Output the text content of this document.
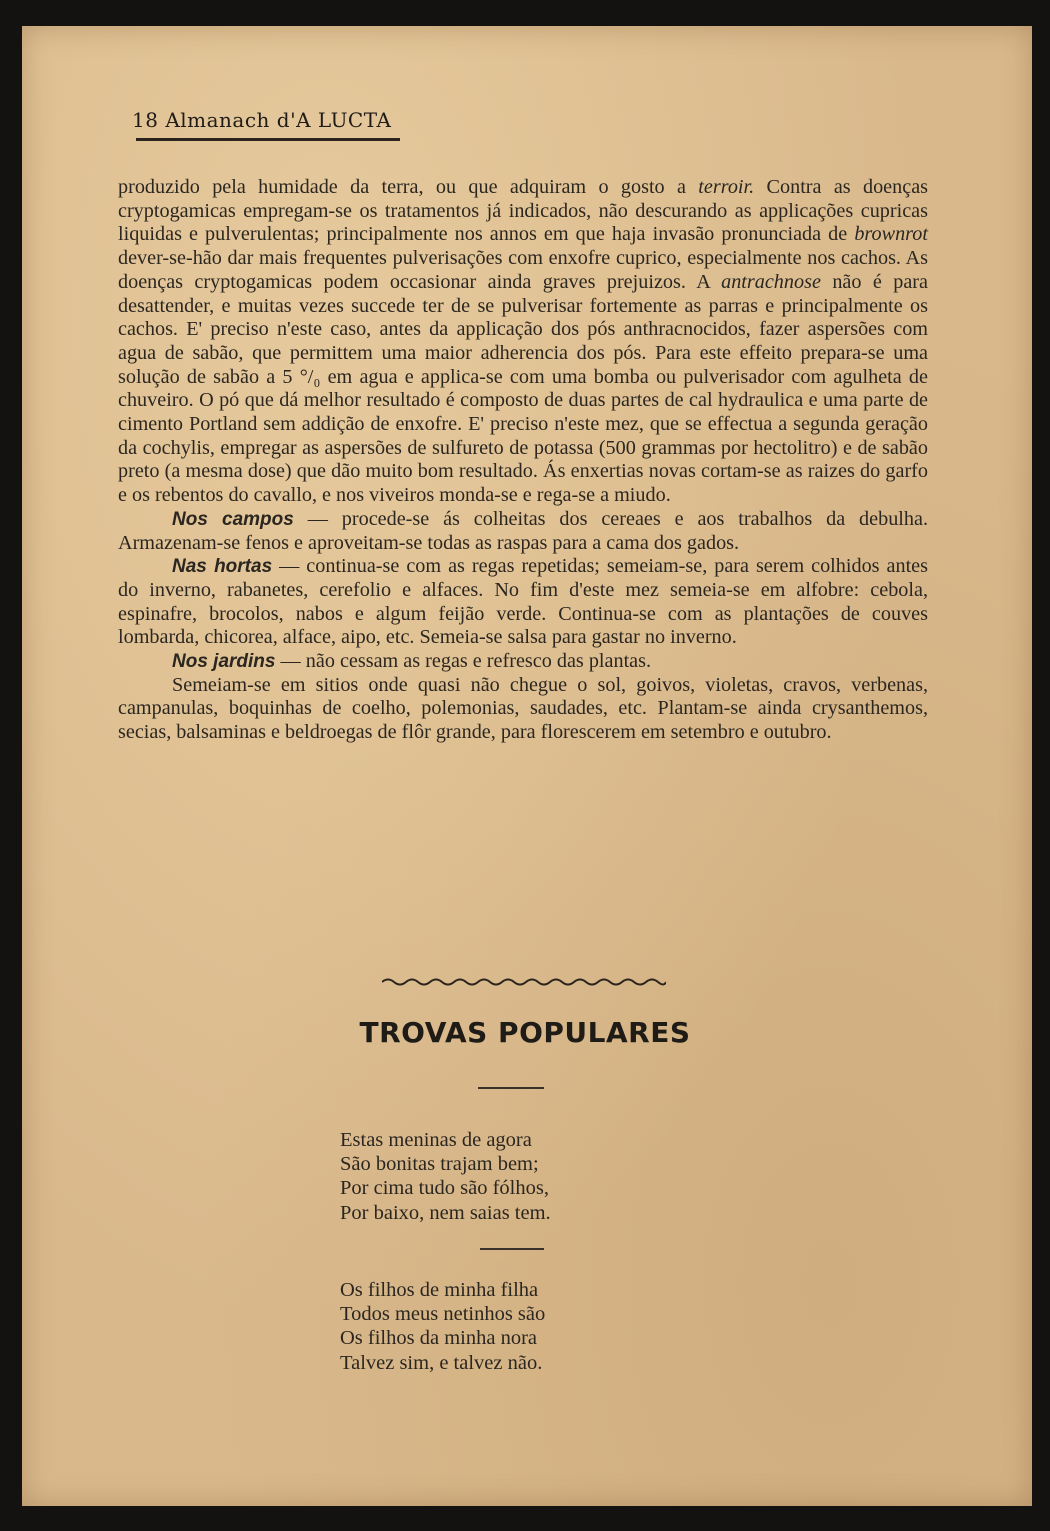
18 Almanach d'A LUCTA

produzido pela humidade da terra, ou que adquiram o gosto a terroir. Contra as doenças cryptogamicas empregam-se os tratamentos já indicados, não descurando as applicações cupricas liquidas e pulverulentas; principalmente nos annos em que haja invasão pronunciada de brownrot dever-se-hão dar mais frequentes pulverisações com enxofre cuprico, especialmente nos cachos. As doenças cryptogamicas podem occasionar ainda graves prejuizos. A antrachnose não é para desattender, e muitas vezes succede ter de se pulverisar fortemente as parras e principalmente os cachos. E' preciso n'este caso, antes da applicação dos pós anthracnocidos, fazer aspersões com agua de sabão, que permittem uma maior adherencia dos pós. Para este effeito prepara-se uma solução de sabão a 5 °/₀ em agua e applica-se com uma bomba ou pulverisador com agulheta de chuveiro. O pó que dá melhor resultado é composto de duas partes de cal hydraulica e uma parte de cimento Portland sem addição de enxofre. E' preciso n'este mez, que se effectua a segunda geração da cochylis, empregar as aspersões de sulfureto de potassa (500 grammas por hectolitro) e de sabão preto (a mesma dose) que dão muito bom resultado. Ás enxertias novas cortam-se as raizes do garfo e os rebentos do cavallo, e nos viveiros monda-se e rega-se a miudo.

Nos campos — procede-se ás colheitas dos cereaes e aos trabalhos da debulha. Armazenam-se fenos e aproveitam-se todas as raspas para a cama dos gados.

Nas hortas — continua-se com as regas repetidas; semeiam-se, para serem colhidos antes do inverno, rabanetes, cerefolio e alfaces. No fim d'este mez semeia-se em alfobre: cebola, espinafre, brocolos, nabos e algum feijão verde. Continua-se com as plantações de couves lombarda, chicorea, alface, aipo, etc. Semeia-se salsa para gastar no inverno.

Nos jardins — não cessam as regas e refresco das plantas.

Semeiam-se em sitios onde quasi não chegue o sol, goivos, violetas, cravos, verbenas, campanulas, boquinhas de coelho, polemonias, saudades, etc. Plantam-se ainda crysanthemos, secias, balsaminas e beldroegas de flôr grande, para florescerem em setembro e outubro.

TROVAS POPULARES
Estas meninas de agora
São bonitas trajam bem;
Por cima tudo são fólhos,
Por baixo, nem saias tem.
Os filhos de minha filha
Todos meus netinhos são
Os filhos da minha nora
Talvez sim, e talvez não.
